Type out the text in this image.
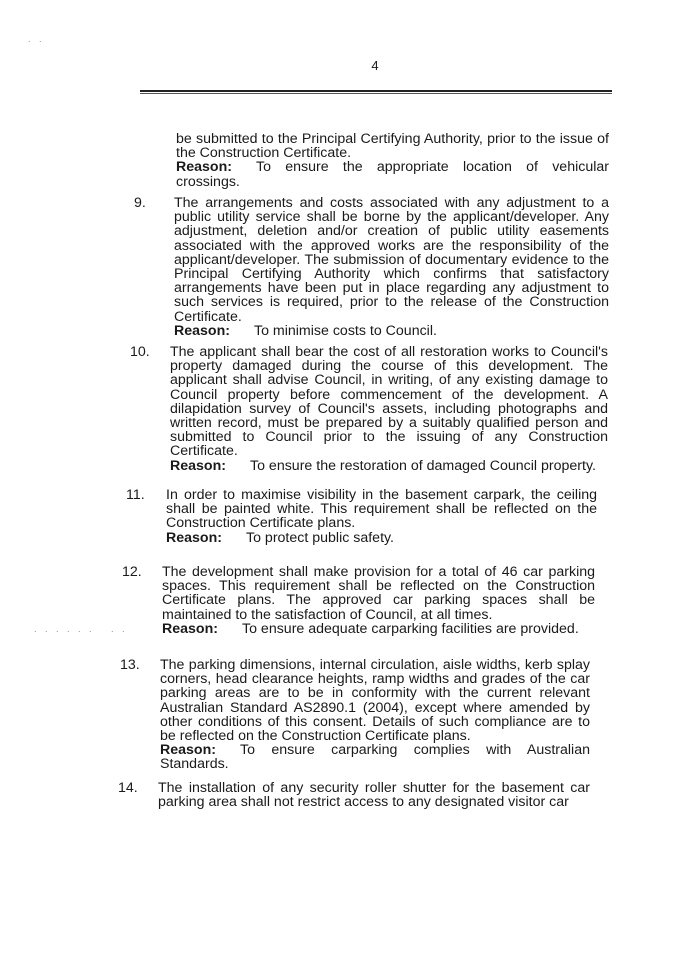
4
be submitted to the Principal Certifying Authority, prior to the issue of the Construction Certificate.
Reason: To ensure the appropriate location of vehicular crossings.
9.	The arrangements and costs associated with any adjustment to a public utility service shall be borne by the applicant/developer. Any adjustment, deletion and/or creation of public utility easements associated with the approved works are the responsibility of the applicant/developer. The submission of documentary evidence to the Principal Certifying Authority which confirms that satisfactory arrangements have been put in place regarding any adjustment to such services is required, prior to the release of the Construction Certificate.
Reason: To minimise costs to Council.
10.	The applicant shall bear the cost of all restoration works to Council's property damaged during the course of this development. The applicant shall advise Council, in writing, of any existing damage to Council property before commencement of the development. A dilapidation survey of Council's assets, including photographs and written record, must be prepared by a suitably qualified person and submitted to Council prior to the issuing of any Construction Certificate.
Reason: To ensure the restoration of damaged Council property.
11.	In order to maximise visibility in the basement carpark, the ceiling shall be painted white. This requirement shall be reflected on the Construction Certificate plans.
Reason: To protect public safety.
12.	The development shall make provision for a total of 46 car parking spaces. This requirement shall be reflected on the Construction Certificate plans. The approved car parking spaces shall be maintained to the satisfaction of Council, at all times.
Reason: To ensure adequate carparking facilities are provided.
13.	The parking dimensions, internal circulation, aisle widths, kerb splay corners, head clearance heights, ramp widths and grades of the car parking areas are to be in conformity with the current relevant Australian Standard AS2890.1 (2004), except where amended by other conditions of this consent. Details of such compliance are to be reflected on the Construction Certificate plans.
Reason: To ensure carparking complies with Australian Standards.
14.	The installation of any security roller shutter for the basement car parking area shall not restrict access to any designated visitor car
. .
. . . . . .   . .
